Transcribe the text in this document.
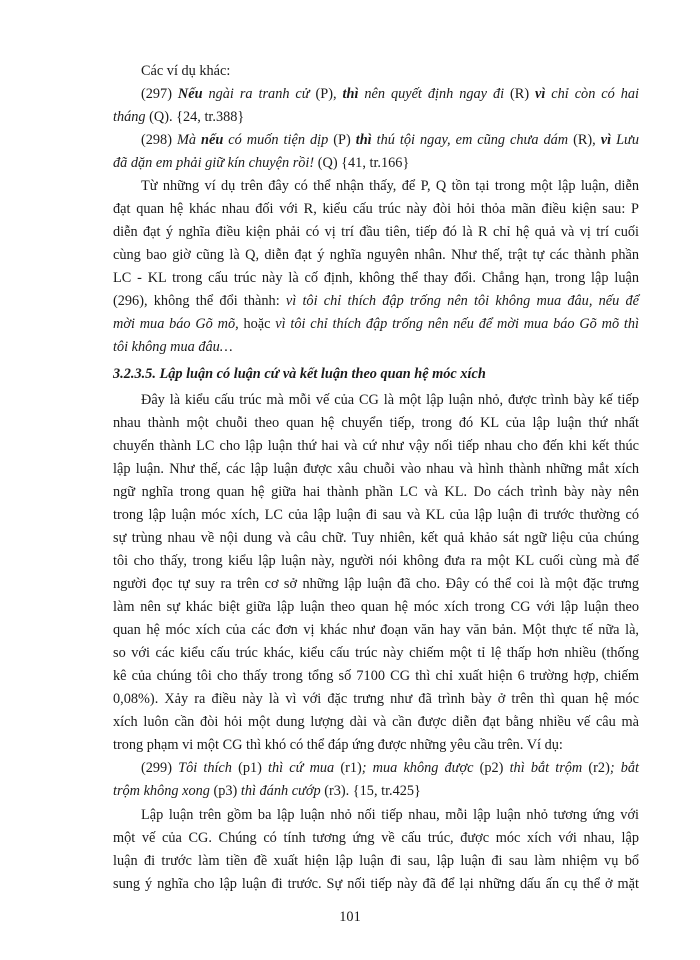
Các ví dụ khác:
(297) Nếu ngài ra tranh cử (P), thì nên quyết định ngay đi (R) vì chỉ còn có hai
tháng (Q). {24, tr.388}
(298) Mà nếu có muốn tiện dịp (P) thì thú tội ngay, em cũng chưa dám (R), vì Lưu
đã dặn em phải giữ kín chuyện rồi! (Q) {41, tr.166}
Từ những ví dụ trên đây có thể nhận thấy, để P, Q tồn tại trong một lập luận, diễn
đạt quan hệ khác nhau đối với R, kiểu cấu trúc này đòi hỏi thỏa mãn điều kiện sau: P
diễn đạt ý nghĩa điều kiện phải có vị trí đầu tiên, tiếp đó là R chỉ hệ quả và vị trí cuối
cùng bao giờ cũng là Q, diễn đạt ý nghĩa nguyên nhân. Như thế, trật tự các thành phần
LC - KL trong cấu trúc này là cố định, không thể thay đổi. Chẳng hạn, trong lập luận
(296), không thể đổi thành: vì tôi chỉ thích đập trống nên tôi không mua đâu, nếu để
mời mua báo Gõ mõ, hoặc vì tôi chỉ thích đập trống nên nếu để mời mua báo Gõ mõ thì
tôi không mua đâu…
3.2.3.5. Lập luận có luận cứ và kết luận theo quan hệ móc xích
Đây là kiểu cấu trúc mà mỗi vế của CG là một lập luận nhỏ, được trình bày kế tiếp
nhau thành một chuỗi theo quan hệ chuyển tiếp, trong đó KL của lập luận thứ nhất
chuyển thành LC cho lập luận thứ hai và cứ như vậy nối tiếp nhau cho đến khi kết thúc
lập luận. Như thế, các lập luận được xâu chuỗi vào nhau và hình thành những mắt xích
ngữ nghĩa trong quan hệ giữa hai thành phần LC và KL. Do cách trình bày này nên
trong lập luận móc xích, LC của lập luận đi sau và KL của lập luận đi trước thường có
sự trùng nhau về nội dung và câu chữ. Tuy nhiên, kết quả khảo sát ngữ liệu của chúng
tôi cho thấy, trong kiểu lập luận này, người nói không đưa ra một KL cuối cùng mà để
người đọc tự suy ra trên cơ sở những lập luận đã cho. Đây có thể coi là một đặc trưng
làm nên sự khác biệt giữa lập luận theo quan hệ móc xích trong CG với lập luận theo
quan hệ móc xích của các đơn vị khác như đoạn văn hay văn bản. Một thực tế nữa là,
so với các kiểu cấu trúc khác, kiểu cấu trúc này chiếm một tỉ lệ thấp hơn nhiều (thống
kê của chúng tôi cho thấy trong tổng số 7100 CG thì chỉ xuất hiện 6 trường hợp, chiếm
0,08%). Xảy ra điều này là vì với đặc trưng như đã trình bày ở trên thì quan hệ móc
xích luôn cần đòi hỏi một dung lượng dài và cần được diễn đạt bằng nhiều vế câu mà
trong phạm vi một CG thì khó có thể đáp ứng được những yêu cầu trên. Ví dụ:
(299) Tôi thích (p1) thì cứ mua (r1); mua không được (p2) thì bắt trộm (r2); bắt
trộm không xong (p3) thì đánh cướp (r3). {15, tr.425}
Lập luận trên gồm ba lập luận nhỏ nối tiếp nhau, mỗi lập luận nhỏ tương ứng với
một vế của CG. Chúng có tính tương ứng về cấu trúc, được móc xích với nhau, lập
luận đi trước làm tiền đề xuất hiện lập luận đi sau, lập luận đi sau làm nhiệm vụ bổ
sung ý nghĩa cho lập luận đi trước. Sự nối tiếp này đã để lại những dấu ấn cụ thể ở mặt
101
